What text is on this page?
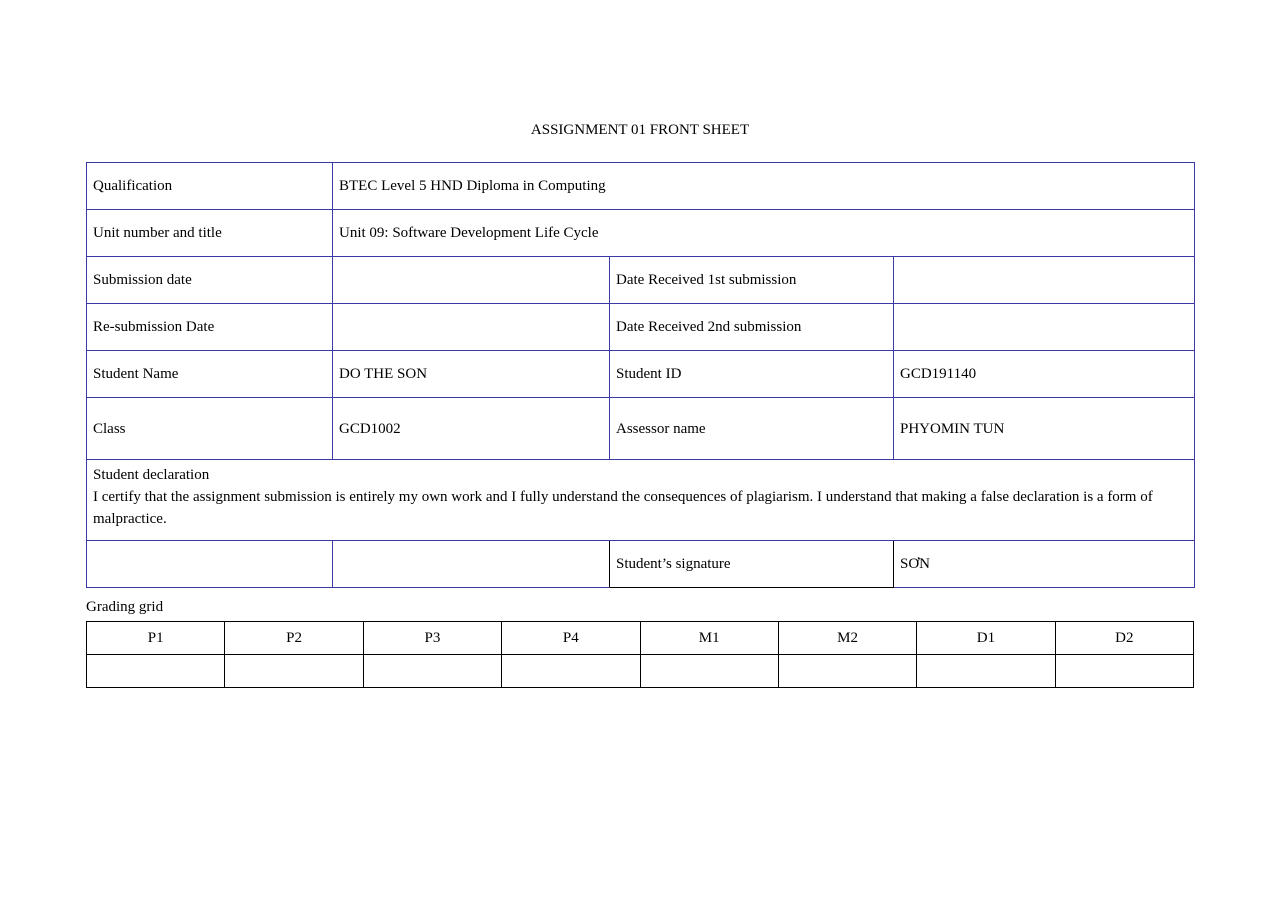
ASSIGNMENT 01 FRONT SHEET
Qualification	BTEC Level 5 HND Diploma in Computing		
Unit number and title	Unit 09: Software Development Life Cycle		
Submission date		Date Received 1st submission	
Re-submission Date		Date Received 2nd submission	
Student Name	DO THE SON	Student ID	GCD191140
Class	GCD1002	Assessor name	PHYOMIN TUN

Student declaration
I certify that the assignment submission is entirely my own work and I fully understand the consequences of plagiarism. I understand that making a false declaration is a form of malpractice.			

		Student’s signature	SƠN
Grading grid
P1	P2	P3	P4	M1	M2	D1	D2
